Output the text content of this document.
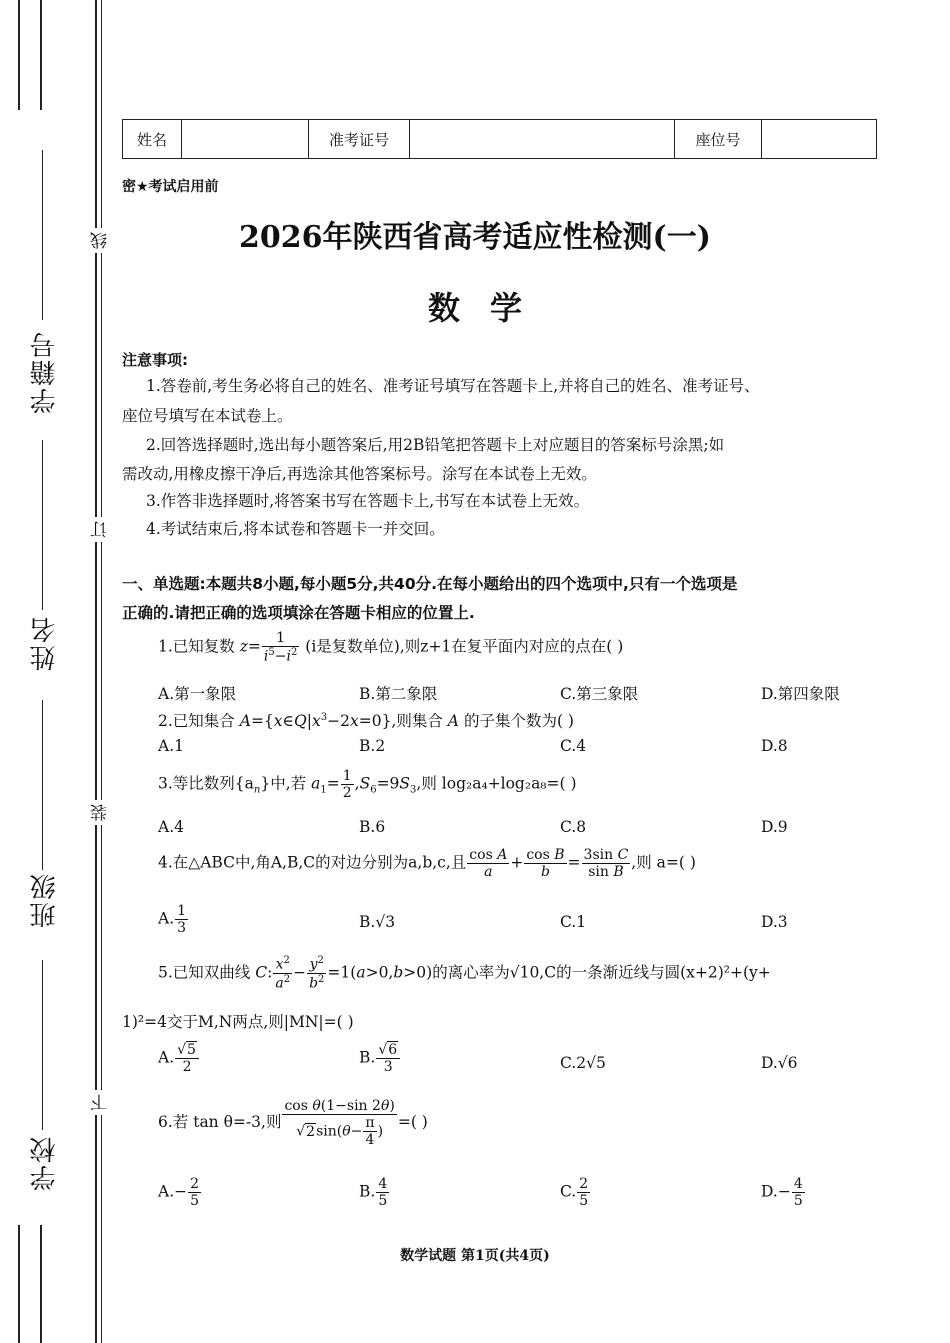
学籍号
姓名
班级
学校
线
订
装
下
姓名	准考证号	座位号
密★考试启用前
2026年陕西省高考适应性检测(一)
数学
注意事项:
1.答卷前,考生务必将自己的姓名、准考证号填写在答题卡上,并将自己的姓名、准考证号、
座位号填写在本试卷上。
2.回答选择题时,选出每小题答案后,用2B铅笔把答题卡上对应题目的答案标号涂黑;如
需改动,用橡皮擦干净后,再选涂其他答案标号。涂写在本试卷上无效。
3.作答非选择题时,将答案书写在答题卡上,书写在本试卷上无效。
4.考试结束后,将本试卷和答题卡一并交回。
一、单选题:本题共8小题,每小题5分,共40分.在每小题给出的四个选项中,只有一个选项是
正确的.请把正确的选项填涂在答题卡相应的位置上.
1.已知复数 $z= \frac{1}{i^5-i^2} (i$是复数单位),则z+1在复平面内对应的点在( )
A.第一象限	B.第二象限	C.第三象限	D.第四象限
2.已知集合 $A=\{x\in Q|x^3-2x=0\}$,则集合 A 的子集个数为( )
A.1	B.2	C.4	D.8
3.等比数列$\{a_n\}$中,若 $a_1= \frac{1}{2} ,S_6=9S_3$,则 log₂a₄+log₂a₈=( )
A.4	B.6	C.8	D.9
4.在△ABC中,角A,B,C的对边分别为a,b,c,且 $\frac{\text{cos A}}{a} + \frac{\text{cos B}}{b} = \frac{\text{3sin C}}{\text{sin B}}$ ,则 a=( )
A. $\frac{1}{3}$	B.√3	C.1	D.3
5.已知双曲线 C: $\frac{x^2}{a^2} - \frac{y^2}{b^2} =1(a>0,b>0)$的离心率为√10,C的一条渐近线与圆(x+2)²+(y+
1)²=4交于M,N两点,则|MN|=( )
A. $\frac{√5}{2}$	B. $\frac{√6}{3}$	C.2√5	D.√6
6.若 tan θ=-3,则 $\frac{\text{cos θ(1−sin 2θ)}}{√2\sin(\theta- \frac{\pi}{4} )}$ =( )
$A.- \frac{2}{5}$	B. $\frac{4}{5}$	C. $\frac{2}{5}$	$D.- \frac{4}{5}$
数学试题 第1页(共4页)
